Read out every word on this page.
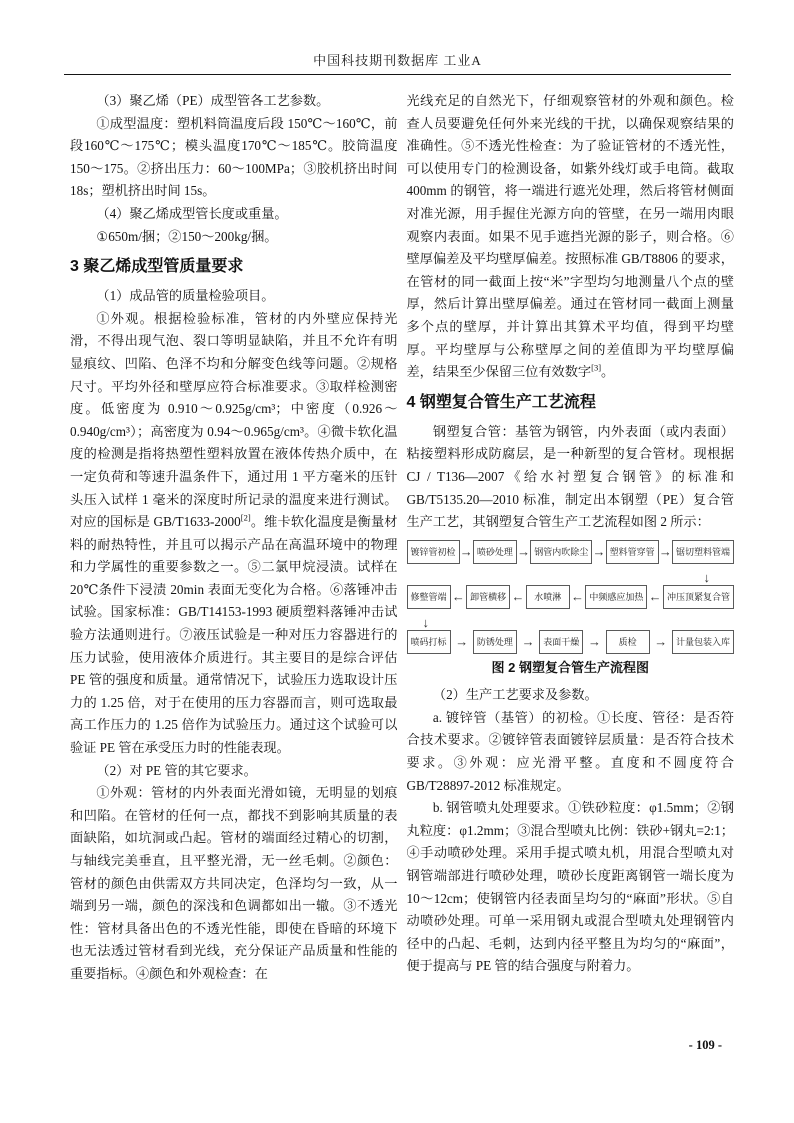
中国科技期刊数据库 工业A

（3）聚乙烯（PE）成型管各工艺参数。

①成型温度：塑机料筒温度后段 150℃～160℃，前段160℃～175℃；模头温度170℃～185℃。胶筒温度 150～175。②挤出压力：60～100MPa；③胶机挤出时间 18s；塑机挤出时间 15s。

（4）聚乙烯成型管长度或重量。

①650m/捆；②150～200kg/捆。

3 聚乙烯成型管质量要求

（1）成品管的质量检验项目。

①外观。根据检验标准，管材的内外壁应保持光滑，不得出现气泡、裂口等明显缺陷，并且不允许有明显痕纹、凹陷、色泽不均和分解变色线等问题。②规格尺寸。平均外径和壁厚应符合标准要求。③取样检测密度。低密度为 0.910～0.925g/cm³；中密度（0.926～0.940g/cm³）；高密度为 0.94～0.965g/cm³。④微卡软化温度的检测是指将热塑性塑料放置在液体传热介质中，在一定负荷和等速升温条件下，通过用 1 平方毫米的压针头压入试样 1 毫米的深度时所记录的温度来进行测试。对应的国标是 GB/T1633-2000[2]。维卡软化温度是衡量材料的耐热特性，并且可以揭示产品在高温环境中的物理和力学属性的重要参数之一。⑤二氯甲烷浸渍。试样在 20℃条件下浸渍 20min 表面无变化为合格。⑥落锤冲击试验。国家标准：GB/T14153-1993 硬质塑料落锤冲击试验方法通则进行。⑦液压试验是一种对压力容器进行的压力试验，使用液体介质进行。其主要目的是综合评估 PE 管的强度和质量。通常情况下，试验压力选取设计压力的 1.25 倍，对于在使用的压力容器而言，则可选取最高工作压力的 1.25 倍作为试验压力。通过这个试验可以验证 PE 管在承受压力时的性能表现。

（2）对 PE 管的其它要求。

①外观：管材的内外表面光滑如镜，无明显的划痕和凹陷。在管材的任何一点，都找不到影响其质量的表面缺陷，如坑洞或凸起。管材的端面经过精心的切割，与轴线完美垂直，且平整光滑，无一丝毛刺。②颜色：管材的颜色由供需双方共同决定，色泽均匀一致，从一端到另一端，颜色的深浅和色调都如出一辙。③不透光性：管材具备出色的不透光性能，即使在昏暗的环境下也无法透过管材看到光线，充分保证产品质量和性能的重要指标。④颜色和外观检查：在

光线充足的自然光下，仔细观察管材的外观和颜色。检查人员要避免任何外来光线的干扰，以确保观察结果的准确性。⑤不透光性检查：为了验证管材的不透光性，可以使用专门的检测设备，如紫外线灯或手电筒。截取 400mm 的钢管，将一端进行遮光处理，然后将管材侧面对准光源，用手握住光源方向的管壁，在另一端用肉眼观察内表面。如果不见手遮挡光源的影子，则合格。⑥壁厚偏差及平均壁厚偏差。按照标准 GB/T8806 的要求，在管材的同一截面上按“米”字型均匀地测量八个点的壁厚，然后计算出壁厚偏差。通过在管材同一截面上测量多个点的壁厚，并计算出其算术平均值，得到平均壁厚。平均壁厚与公称壁厚之间的差值即为平均壁厚偏差，结果至少保留三位有效数字[3]。

4 钢塑复合管生产工艺流程

钢塑复合管：基管为钢管，内外表面（或内表面）粘接塑料形成防腐层，是一种新型的复合管材。现根据 CJ / T136—2007《给水衬塑复合钢管》的标准和 GB/T5135.20—2010 标准，制定出本钢塑（PE）复合管生产工艺，其钢塑复合管生产工艺流程如图 2 所示：

镀锌管初检 → 喷砂处理 → 钢管内吹除尘 → 塑料管穿管 → 锯切塑料管端
↓
修整管端 ← 卸管横移 ←	水喷淋 ← 中频感应加热 ← 冲压顶紧复合管
↓
喷码打标 → 防锈处理 → 表面干燥 →	质检	→ 计量包装入库
图 2 钢塑复合管生产流程图

（2）生产工艺要求及参数。

a. 镀锌管（基管）的初检。①长度、管径：是否符合技术要求。②镀锌管表面镀锌层质量：是否符合技术要求。③外观：应光滑平整。直度和不圆度符合 GB/T28897-2012 标准规定。

b. 钢管喷丸处理要求。①铁砂粒度：φ1.5mm；②钢丸粒度：φ1.2mm；③混合型喷丸比例：铁砂+钢丸=2:1；④手动喷砂处理。采用手提式喷丸机，用混合型喷丸对钢管端部进行喷砂处理，喷砂长度距离钢管一端长度为 10～12cm；使钢管内径表面呈均匀的“麻面”形状。⑤自动喷砂处理。可单一采用钢丸或混合型喷丸处理钢管内径中的凸起、毛刺，达到内径平整且为均匀的“麻面”，便于提高与 PE 管的结合强度与附着力。

- 109 -
